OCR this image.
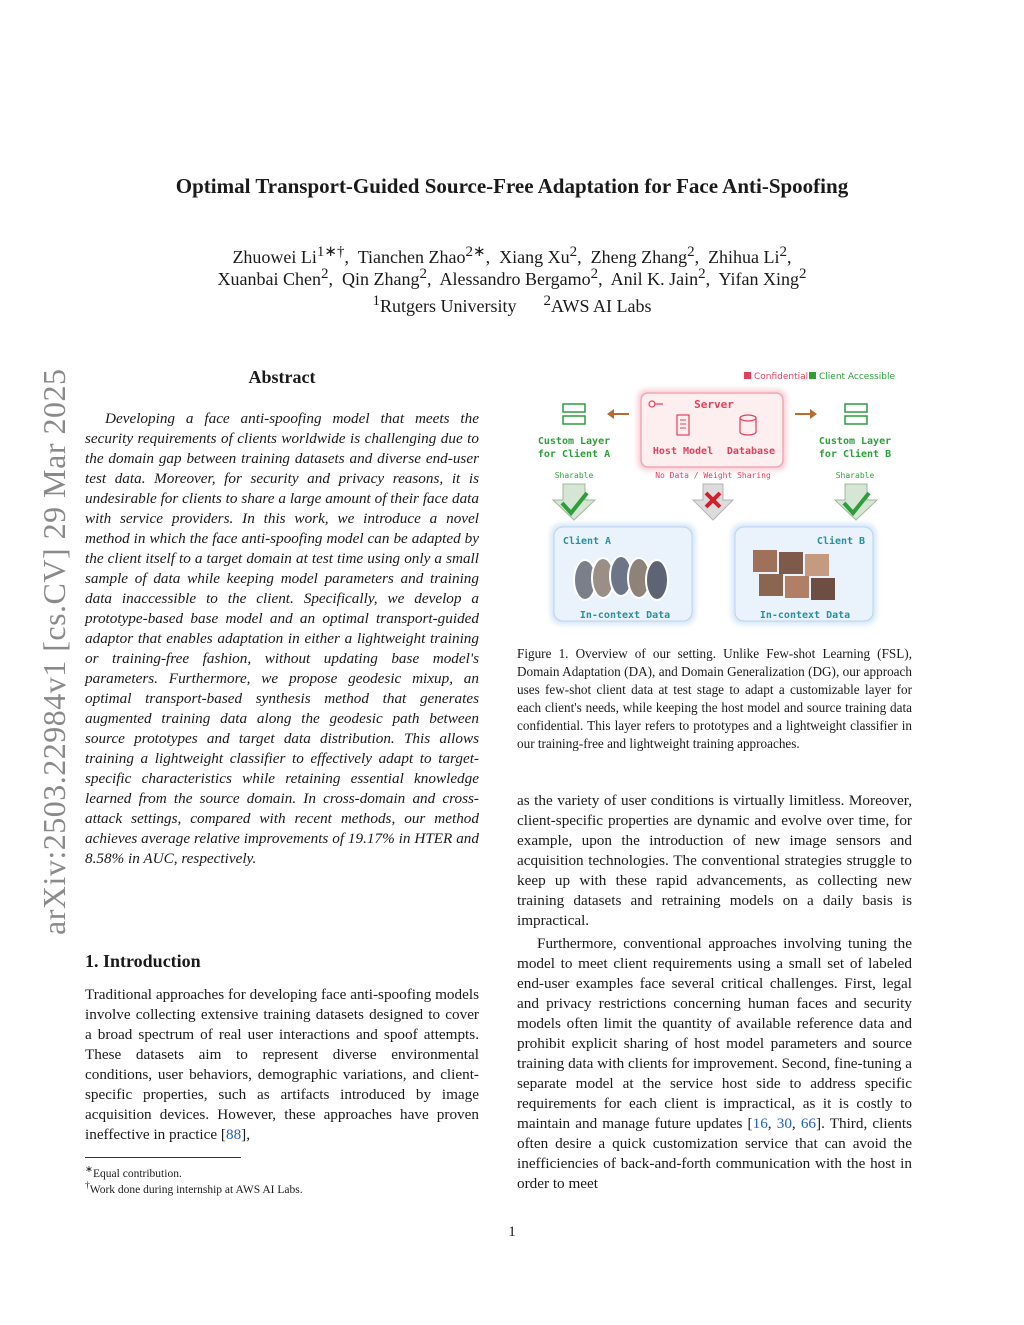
arXiv:2503.22984v1 [cs.CV] 29 Mar 2025
Optimal Transport-Guided Source-Free Adaptation for Face Anti-Spoofing
Zhuowei $Li^{1∗\dagger}$,  Tianchen Zhao$^{2∗}$,  Xiang Xu$^2$,  Zheng Zhang$^2$,  Zhihua Li$^2$,
Xuanbai Chen$^2$,  Qin Zhang$^2$,  Alessandro Bergamo$^2$,  Anil K. Jain$^2$,  Yifan Xing$^2$
$^1$Rutgers University $^2$AWS AI Labs
Abstract

Developing a face anti-spoofing model that meets the security requirements of clients worldwide is challenging due to the domain gap between training datasets and diverse end-user test data. Moreover, for security and privacy reasons, it is undesirable for clients to share a large amount of their face data with service providers. In this work, we introduce a novel method in which the face anti-spoofing model can be adapted by the client itself to a target domain at test time using only a small sample of data while keeping model parameters and training data inaccessible to the client. Specifically, we develop a prototype-based base model and an optimal transport-guided adaptor that enables adaptation in either a lightweight training or training-free fashion, without updating base model's parameters. Furthermore, we propose geodesic mixup, an optimal transport-based synthesis method that generates augmented training data along the geodesic path between source prototypes and target data distribution. This allows training a lightweight classifier to effectively adapt to target-specific characteristics while retaining essential knowledge learned from the source domain. In cross-domain and cross-attack settings, compared with recent methods, our method achieves average relative improvements of 19.17% in HTER and 8.58% in AUC, respectively.

1. Introduction

Traditional approaches for developing face anti-spoofing models involve collecting extensive training datasets designed to cover a broad spectrum of real user interactions and spoof attempts. These datasets aim to represent diverse environmental conditions, user behaviors, demographic variations, and client-specific properties, such as artifacts introduced by image acquisition devices. However, these approaches have proven ineffective in practice [88],

∗Equal contribution.
†Work done during internship at AWS AI Labs.
Confidential Client Accessible
Server
Host Model Database
No Data / Weight Sharing
Custom Layer
for Client A
Sharable
Custom Layer
for Client B
Sharable
Client A
In-context Data
Client B
In-context Data
Figure 1. Overview of our setting. Unlike Few-shot Learning (FSL), Domain Adaptation (DA), and Domain Generalization (DG), our approach uses few-shot client data at test stage to adapt a customizable layer for each client's needs, while keeping the host model and source training data confidential. This layer refers to prototypes and a lightweight classifier in our training-free and lightweight training approaches.

as the variety of user conditions is virtually limitless. Moreover, client-specific properties are dynamic and evolve over time, for example, upon the introduction of new image sensors and acquisition technologies. The conventional strategies struggle to keep up with these rapid advancements, as collecting new training datasets and retraining models on a daily basis is impractical.

Furthermore, conventional approaches involving tuning the model to meet client requirements using a small set of labeled end-user examples face several critical challenges. First, legal and privacy restrictions concerning human faces and security models often limit the quantity of available reference data and prohibit explicit sharing of host model parameters and source training data with clients for improvement. Second, fine-tuning a separate model at the service host side to address specific requirements for each client is impractical, as it is costly to maintain and manage future updates [16, 30, 66]. Third, clients often desire a quick customization service that can avoid the inefficiencies of back-and-forth communication with the host in order to meet

1
